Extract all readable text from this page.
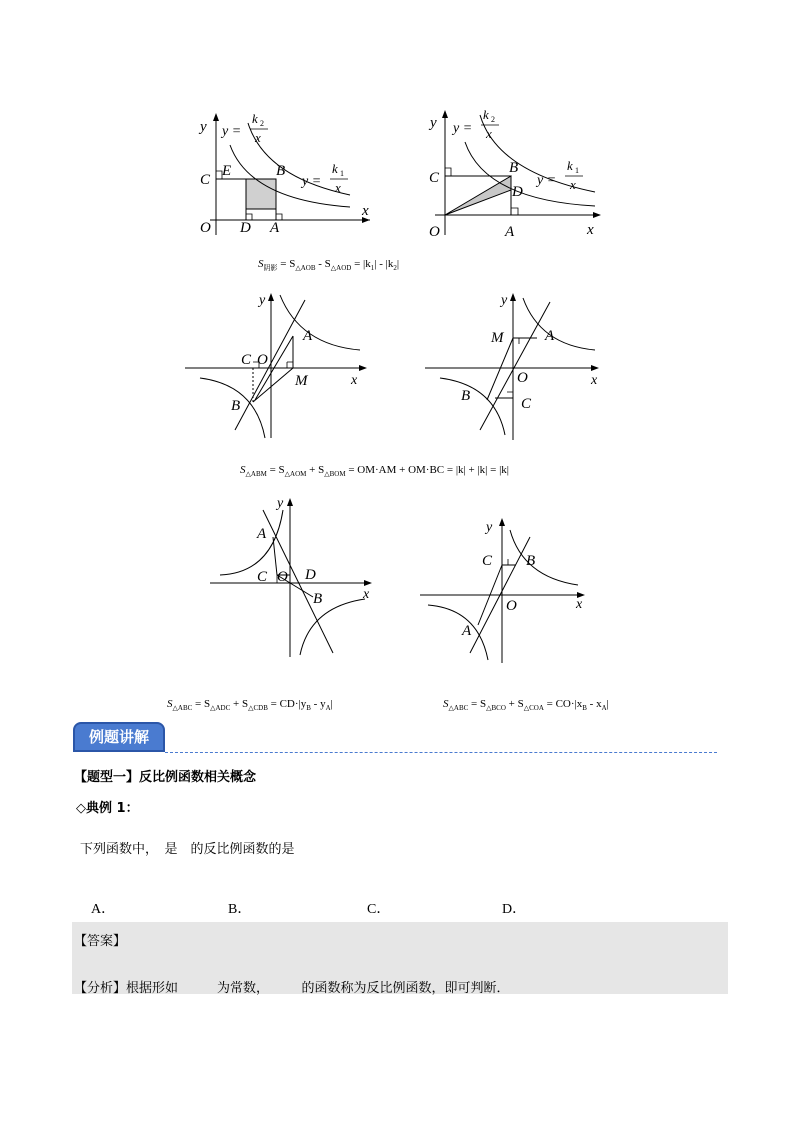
y
x
O
C
E	B
D A
y =
k 2
x
y =
k 1
x
y
x
O
C
B
D
A
y =
k 2
x
y =
k 1
x
$S_{阴影} = S_{\triangle AOB} - S_{\triangle AOD} = |k_1| - |k_2|$
y
x
C O
A
M
B
y
x
M	A
O
B	C
$S_{\triangle ABM} = S_{\triangle AOM} + S_{\triangle BOM} = OM\cdot AM + OM\cdot BC = |k| + |k| = |k|$
y
x
A
C O D
B
y
x
C B
O
A
$S_{\triangle ABC} = S_{\triangle ADC} + S_{\triangle CDB} = CD\cdot|y_B - y_A|$	$S_{\triangle ABC} = S_{\triangle BCO} + S_{\triangle COA} = CO\cdot|x_B - x_A|$
例题讲解
【题型一】反比例函数相关概念
◇典例 1：
下列函数中，　是　的反比例函数的是
A．	B．	C．	D．
【答案】
【分析】根据形如　　　为常数，　　　的函数称为反比例函数，即可判断．
